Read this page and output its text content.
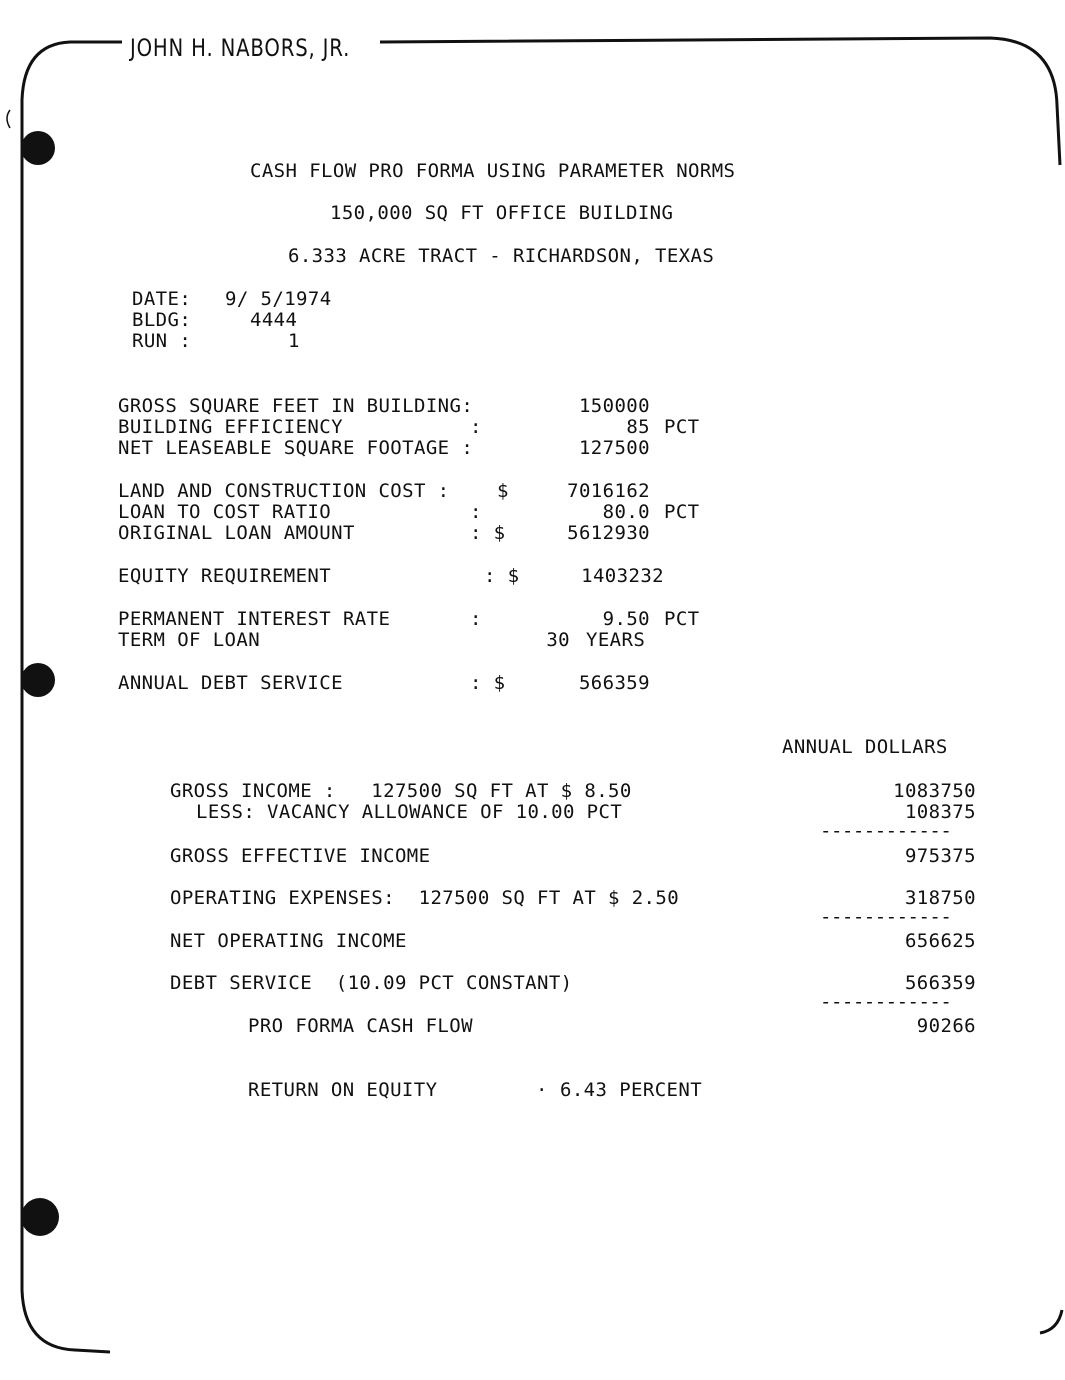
JOHN H. NABORS, JR.
CASH FLOW PRO FORMA USING PARAMETER NORMS
150,000 SQ FT OFFICE BUILDING
6.333 ACRE TRACT - RICHARDSON, TEXAS
DATE: 9/ 5/1974
BLDG:	4444
RUN :	1
GROSS SQUARE FEET IN BUILDING:	150000
BUILDING EFFICIENCY	:	85 PCT
NET LEASEABLE SQUARE FOOTAGE :	127500
LAND AND CONSTRUCTION COST :	$	7016162
LOAN TO COST RATIO	:	80.0 PCT
ORIGINAL LOAN AMOUNT	: $	5612930
EQUITY REQUIREMENT	: $	1403232
PERMANENT INTEREST RATE	:	9.50 PCT
TERM OF LOAN	30 YEARS
ANNUAL DEBT SERVICE	: $	566359
ANNUAL DOLLARS
GROSS INCOME :   127500 SQ FT AT $ 8.50	1083750
LESS: VACANCY ALLOWANCE OF 10.00 PCT	108375
------------
GROSS EFFECTIVE INCOME	975375
OPERATING EXPENSES:  127500 SQ FT AT $ 2.50	318750
------------
NET OPERATING INCOME	656625
DEBT SERVICE  (10.09 PCT CONSTANT)	566359
------------
PRO FORMA CASH FLOW	90266
RETURN ON EQUITY	· 6.43 PERCENT
